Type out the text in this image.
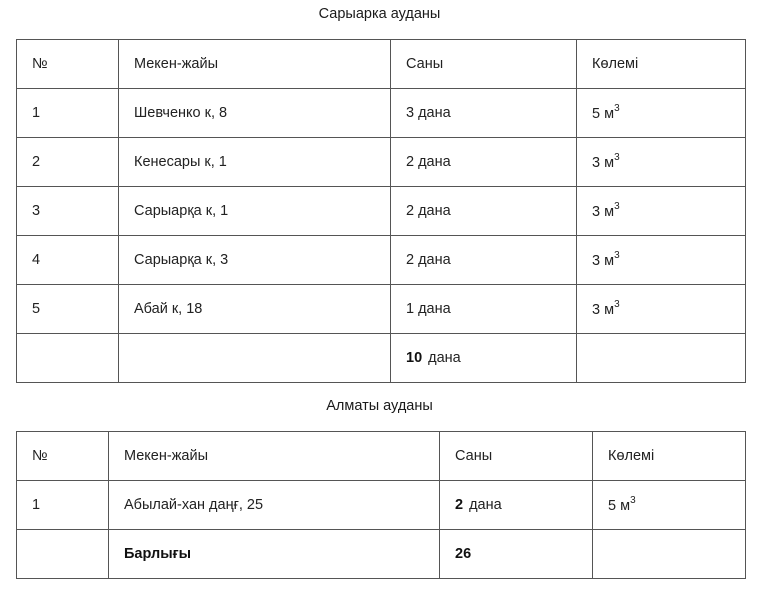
Сарыарка ауданы
№	Мекен-жайы	Саны	Көлемі
1	Шевченко к, 8	3 дана	5 $м^3$
2	Кенесары к, 1	2 дана	3 $м^3$
3	Сарыарқа к, 1	2 дана	3 $м^3$
4	Сарыарқа к, 3	2 дана	3 $м^3$
5	Абай к, 18	1 дана	3 $м^3$
		10 дана	
Алматы ауданы
№	Мекен-жайы	Саны	Көлемі
1	Абылай-хан даңғ, 25	2 дана	5 $м^3$
	Барлығы	26	
